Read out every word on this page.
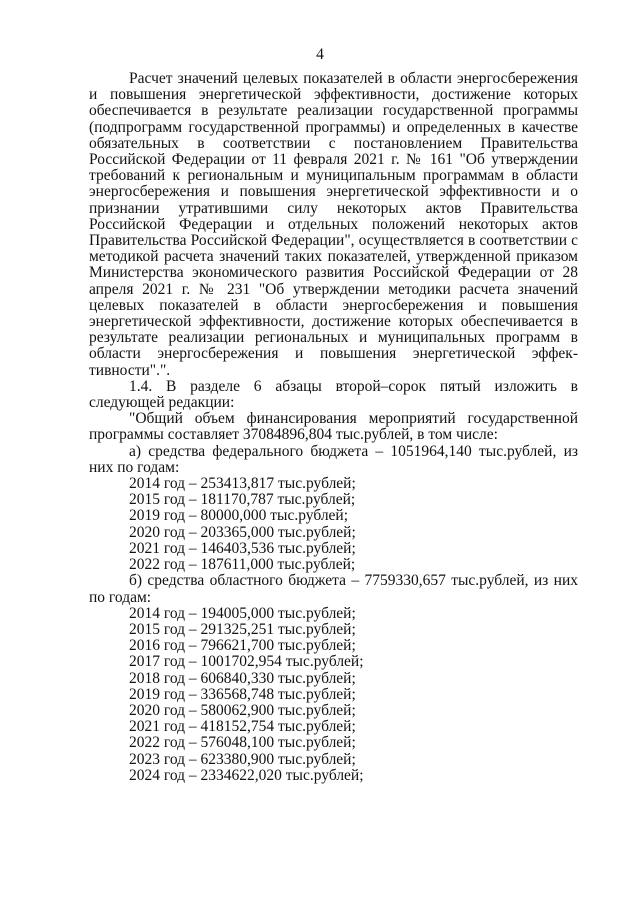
4

Расчет значений целевых показателей в области энергосбережения и повышения энергетической эффективности, достижение которых обеспечивается в результате реализации государственной программы (подпрограмм государственной программы) и определенных в качестве обязательных в соответствии с постановлением Правительства Российской Федерации от 11 февраля 2021 г. № 161 "Об утверждении требований к региональным и муниципальным программам в области энергосбережения и повышения энергетической эффективности и о признании утратившими силу некоторых актов Правительства Российской Федерации и отдельных положений некоторых актов Правительства Российской Федерации", осуществляется в соответствии с методикой расчета значений таких показателей, утвержденной приказом Министерства экономического развития Российской Федерации от 28 апреля 2021 г. № 231 "Об утверждении методики расчета значений целевых показателей в области энергосбережения и повышения энергетической эффективности, достижение которых обеспечивается в результате реализации региональных и муниципальных программ в области энергосбережения и повышения энергетической эффективности".".

1.4. В разделе 6 абзацы второй–сорок пятый изложить в следующей редакции:

"Общий объем финансирования мероприятий государственной программы составляет 37084896,804 тыс.рублей, в том числе:

а) средства федерального бюджета – 1051964,140 тыс.рублей, из них по годам:

2014 год – 253413,817 тыс.рублей;
2015 год – 181170,787 тыс.рублей;
2019 год – 80000,000 тыс.рублей;
2020 год – 203365,000 тыс.рублей;
2021 год – 146403,536 тыс.рублей;
2022 год – 187611,000 тыс.рублей;

б) средства областного бюджета – 7759330,657 тыс.рублей, из них по годам:

2014 год – 194005,000 тыс.рублей;
2015 год – 291325,251 тыс.рублей;
2016 год – 796621,700 тыс.рублей;
2017 год – 1001702,954 тыс.рублей;
2018 год – 606840,330 тыс.рублей;
2019 год – 336568,748 тыс.рублей;
2020 год – 580062,900 тыс.рублей;
2021 год – 418152,754 тыс.рублей;
2022 год – 576048,100 тыс.рублей;
2023 год – 623380,900 тыс.рублей;
2024 год – 2334622,020 тыс.рублей;
